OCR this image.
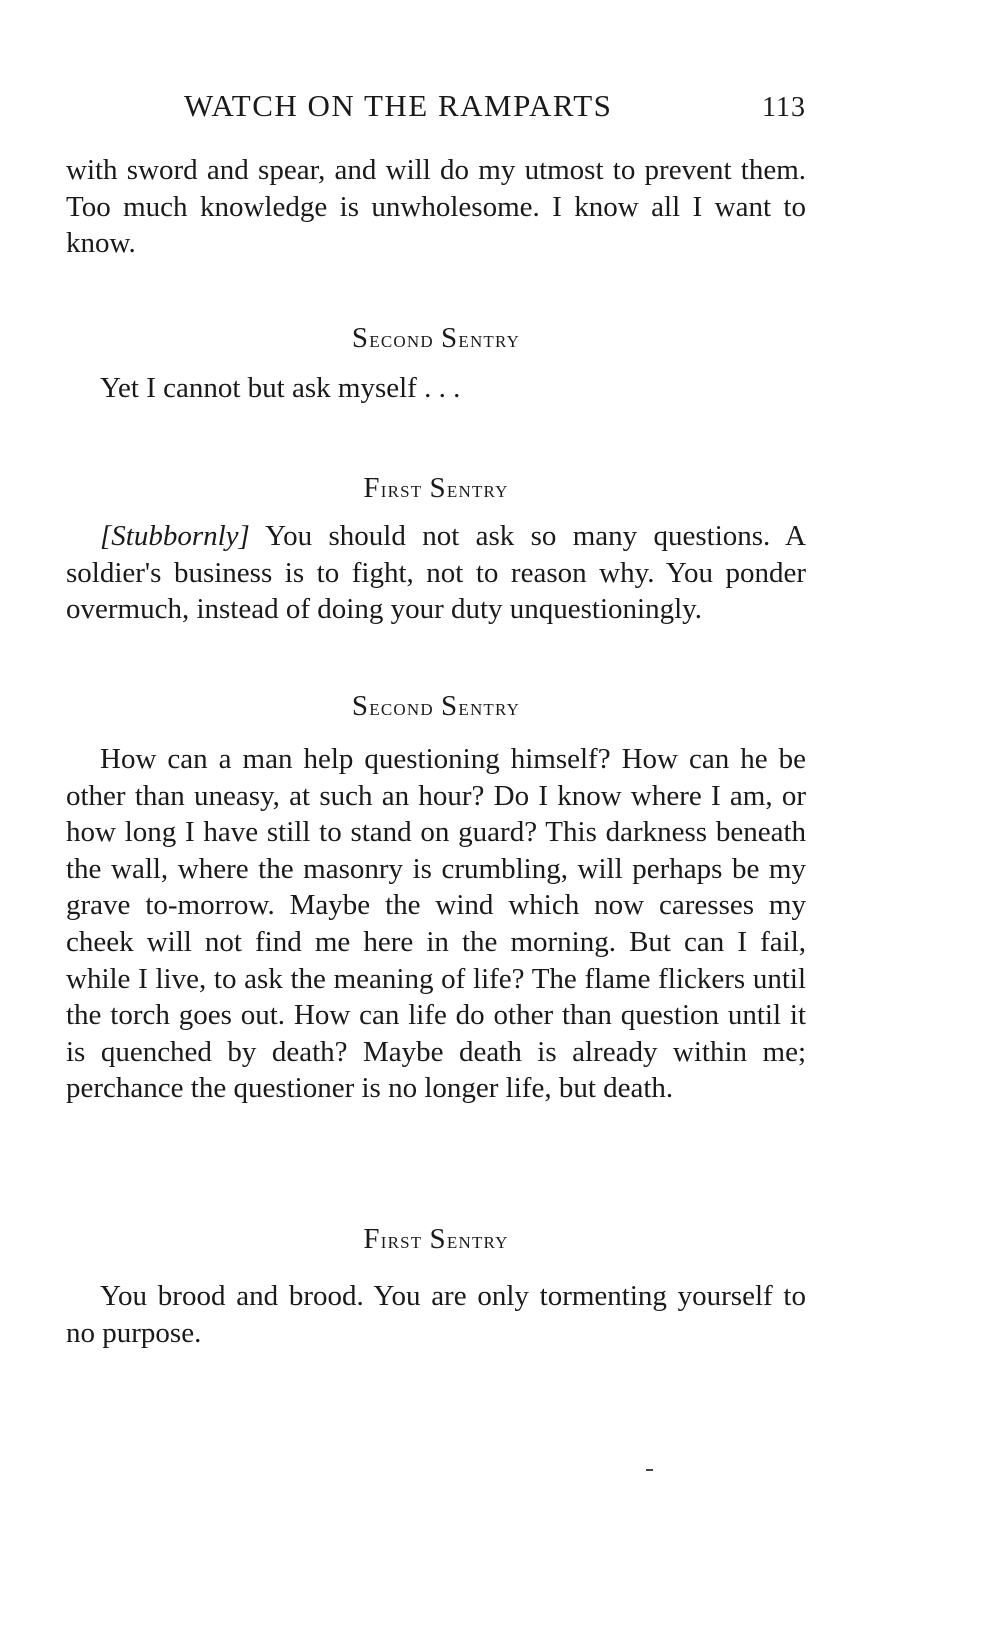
WATCH ON THE RAMPARTS	113
with sword and spear, and will do my utmost to prevent them. Too much knowledge is unwholesome. I know all I want to know.
Second Sentry
Yet I cannot but ask myself . . .
First Sentry
[Stubbornly] You should not ask so many questions. A soldier's business is to fight, not to reason why. You ponder overmuch, instead of doing your duty unquestioningly.
Second Sentry
How can a man help questioning himself? How can he be other than uneasy, at such an hour? Do I know where I am, or how long I have still to stand on guard? This darkness beneath the wall, where the masonry is crumbling, will perhaps be my grave to-morrow. Maybe the wind which now caresses my cheek will not find me here in the morning. But can I fail, while I live, to ask the meaning of life? The flame flickers until the torch goes out. How can life do other than question until it is quenched by death? Maybe death is already within me; perchance the questioner is no longer life, but death.
First Sentry
You brood and brood. You are only tormenting yourself to no purpose.
